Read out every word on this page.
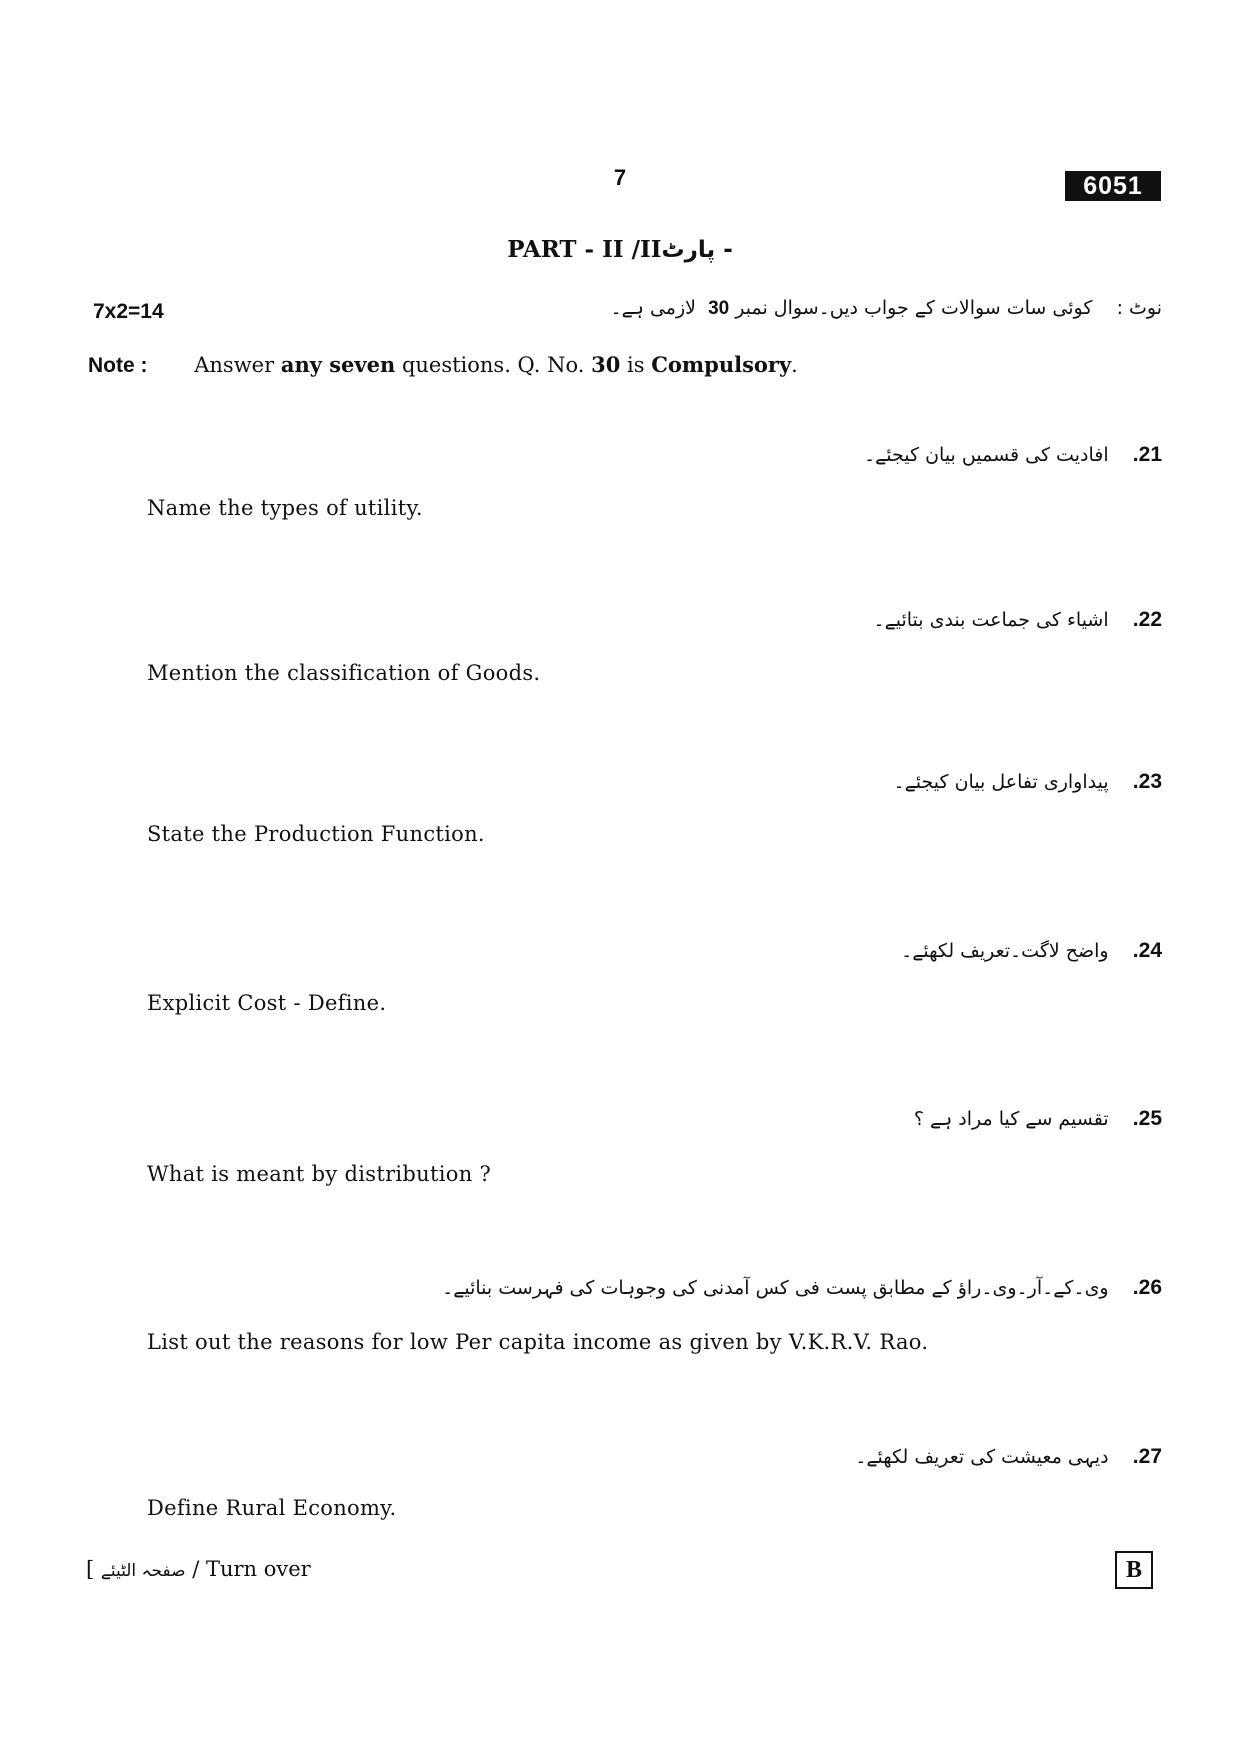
7	6051
PART - II /IIپارٹ -
7x2=14	نوٹ :    کوئی سات سوالات کے جواب دیں۔سوال نمبر 30  لازمی ہے۔
Note : Answer any seven questions. Q. No. 30 is Compulsory.
21.    افادیت کی قسمیں بیان کیجئے۔
Name the types of utility.
22.    اشیاء کی جماعت بندی بتائیے۔
Mention the classification of Goods.
23.    پیداواری تفاعل بیان کیجئے۔
State the Production Function.
24.    واضح لاگت۔تعریف لکھئے۔
Explicit Cost - Define.
25.    تقسیم سے کیا مراد ہے ؟
What is meant by distribution ?
26.    وی۔کے۔آر۔وی۔راؤ کے مطابق پست فی کس آمدنی کی وجوہات کی فہرست بنائیے۔
List out the reasons for low Per capita income as given by V.K.R.V. Rao.
27.    دیہی معیشت کی تعریف لکھئے۔
Define Rural Economy.
[ صفحہ الٹیئے / Turn over	B
